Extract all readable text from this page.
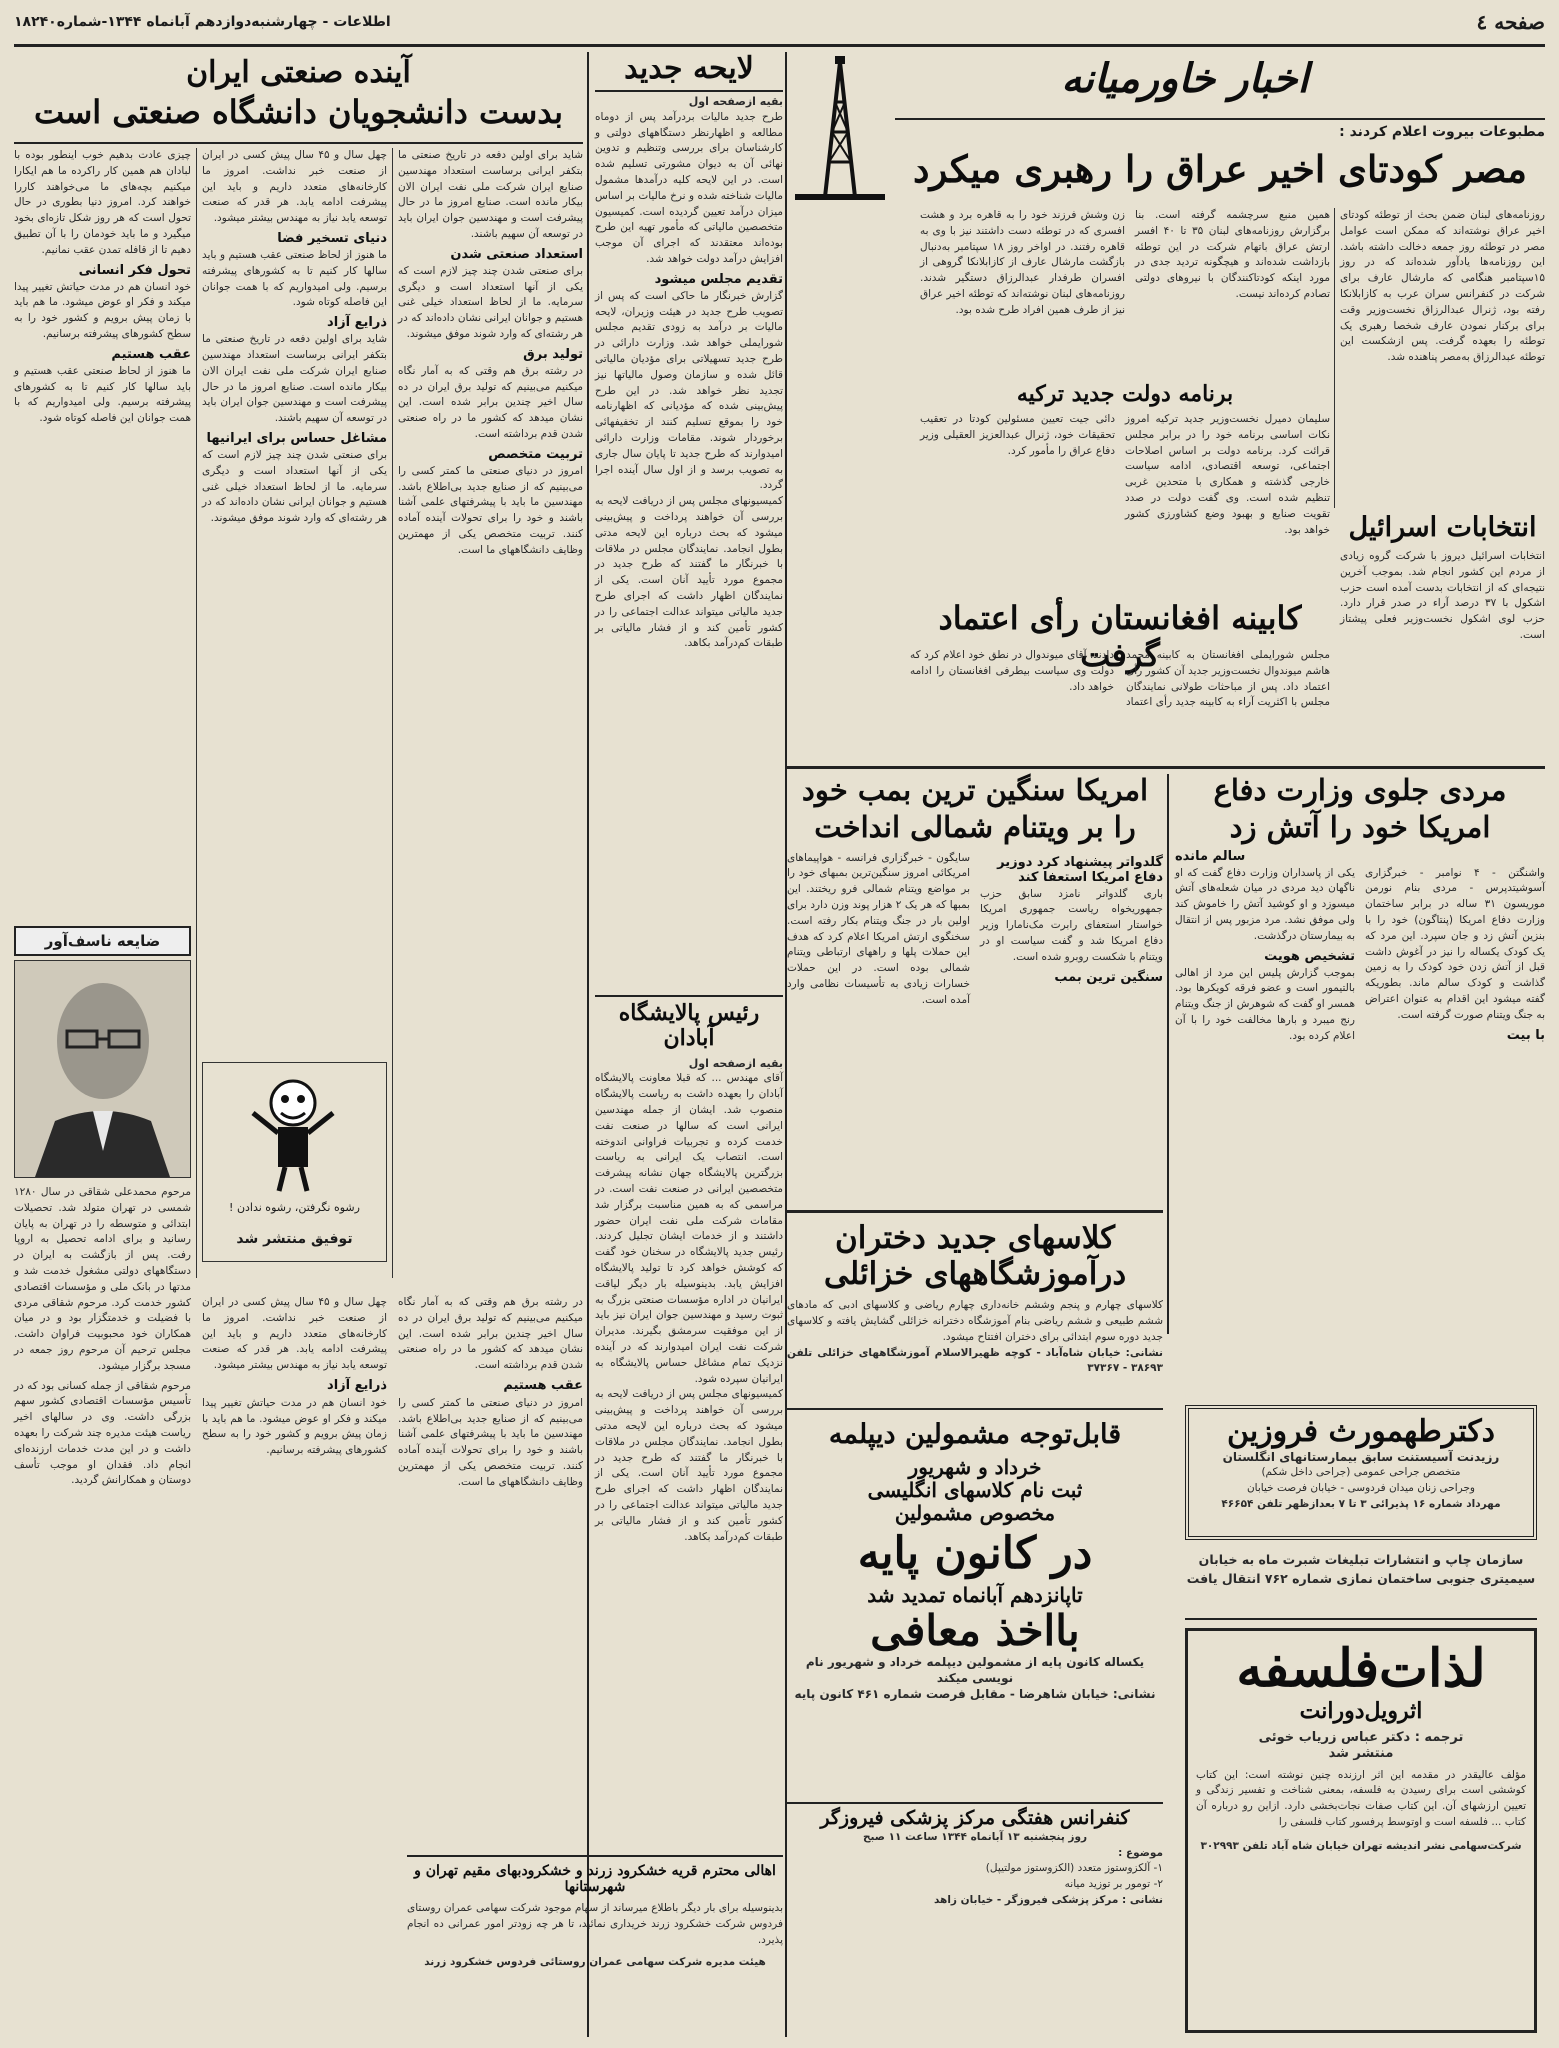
صفحه ٤
اطلاعات - چهارشنبه‌دوازدهم آبانماه ۱۳۴۴-شماره۱۸۲۴۰
اخبار خاورمیانه
مطبوعات بیروت اعلام کردند :
مصر کودتای اخیر عراق را رهبری میکرد
روزنامه‌های لبنان ضمن بحث از توطئه کودتای اخیر عراق نوشته‌اند که ممکن است عوامل مصر در توطئه روز جمعه دخالت داشته باشد. این روزنامه‌ها یادآور شده‌اند که در روز ۱۵سپتامبر هنگامی که مارشال عارف برای شرکت در کنفرانس سران عرب به کازابلانکا رفته بود، ژنرال عبدالرزاق نخست‌وزیر وقت برای برکنار نمودن عارف شخصا رهبری یک توطئه را بعهده گرفت. پس ازشکست این توطئه عبدالرزاق به‌مصر پناهنده شد.
همین منبع سرچشمه گرفته است. بنا برگزارش روزنامه‌های لبنان ۳۵ تا ۴۰ افسر ارتش عراق باتهام شرکت در این توطئه بازداشت شده‌اند و هیچگونه تردید جدی در مورد اینکه کودتاکنندگان با نیروهای دولتی تصادم کرده‌اند نیست.
زن وشش فرزند خود را به قاهره برد و هشت افسری که در توطئه دست داشتند نیز با وی به قاهره رفتند. در اواخر روز ۱۸ سپتامبر به‌دنبال بازگشت مارشال عارف از کازابلانکا گروهی از افسران طرفدار عبدالرزاق دستگیر شدند. روزنامه‌های لبنان نوشته‌اند که توطئه اخیر عراق نیز از طرف همین افراد طرح شده بود.
برنامه دولت جدید ترکیه
سلیمان دمیرل نخست‌وزیر جدید ترکیه امروز نکات اساسی برنامه خود را در برابر مجلس قرائت کرد. برنامه دولت بر اساس اصلاحات اجتماعی، توسعه اقتصادی، ادامه سیاست خارجی گذشته و همکاری با متحدین غربی تنظیم شده است. وی گفت دولت در صدد تقویت صنایع و بهبود وضع کشاورزی کشور خواهد بود.
دائی جیت تعیین مسئولین کودتا در تعقیب تحقیقات خود، ژنرال عبدالعزیز العقیلی وزیر دفاع عراق را مأمور کرد.
انتخابات اسرائیل
انتخابات اسرائیل دیروز با شرکت گروه زیادی از مردم این کشور انجام شد. بموجب آخرین نتیجه‌ای که از انتخابات بدست آمده است حزب اشکول با ۳۷ درصد آراء در صدر قرار دارد. حزب لوی اشکول نخست‌وزیر فعلی پیشتاز است.
کابینه افغانستان رأی اعتماد گرفت
مجلس شورایملی افغانستان به کابینه محمد هاشم میوندوال نخست‌وزیر جدید آن کشور رأی اعتماد داد. پس از مباحثات طولانی نمایندگان مجلس با اکثریت آراء به کابینه جدید رأی اعتماد دادند. آقای میوندوال در نطق خود اعلام کرد که دولت وی سیاست بیطرفی افغانستان را ادامه خواهد داد.
لایحه جدید
بقیه ازصفحه اول
طرح جدید مالیات بردرآمد پس از دوماه مطالعه و اظهارنظر دستگاههای دولتی و کارشناسان برای بررسی وتنظیم و تدوین نهائی آن به دیوان مشورتی تسلیم شده است. در این لایحه کلیه درآمدها مشمول مالیات شناخته شده و نرخ مالیات بر اساس میزان درآمد تعیین گردیده است. کمیسیون متخصصین مالیاتی که مأمور تهیه این طرح بوده‌اند معتقدند که اجرای آن موجب افزایش درآمد دولت خواهد شد.
تقدیم مجلس میشود
گزارش خبرنگار ما حاکی است که پس از تصویب طرح جدید در هیئت وزیران، لایحه مالیات بر درآمد به زودی تقدیم مجلس شورایملی خواهد شد. وزارت دارائی در طرح جدید تسهیلاتی برای مؤدیان مالیاتی قائل شده و سازمان وصول مالیاتها نیز تجدید نظر خواهد شد. در این طرح پیش‌بینی شده که مؤدیانی که اظهارنامه خود را بموقع تسلیم کنند از تخفیفهائی برخوردار شوند. مقامات وزارت دارائی امیدوارند که طرح جدید تا پایان سال جاری به تصویب برسد و از اول سال آینده اجرا گردد.
کمیسیونهای مجلس پس از دریافت لایحه به بررسی آن خواهند پرداخت و پیش‌بینی میشود که بحث درباره این لایحه مدتی بطول انجامد. نمایندگان مجلس در ملاقات با خبرنگار ما گفتند که طرح جدید در مجموع مورد تأیید آنان است. یکی از نمایندگان اظهار داشت که اجرای طرح جدید مالیاتی میتواند عدالت اجتماعی را در کشور تأمین کند و از فشار مالیاتی بر طبقات کم‌درآمد بکاهد.
آینده صنعتی ایران
بدست دانشجویان دانشگاه صنعتی است
شاید برای اولین دفعه در تاریخ صنعتی ما بتکفر ایرانی برساست استعداد مهندسین صنایع ایران شرکت ملی نفت ایران الان بیکار مانده است. صنایع امروز ما در حال پیشرفت است و مهندسین جوان ایران باید در توسعه آن سهیم باشند.
استعداد صنعتی شدن
برای صنعتی شدن چند چیز لازم است که یکی از آنها استعداد است و دیگری سرمایه. ما از لحاظ استعداد خیلی غنی هستیم و جوانان ایرانی نشان داده‌اند که در هر رشته‌ای که وارد شوند موفق میشوند.
تولید برق
در رشته برق هم وقتی که به آمار نگاه میکنیم می‌بینیم که تولید برق ایران در ده سال اخیر چندین برابر شده است. این نشان میدهد که کشور ما در راه صنعتی شدن قدم برداشته است.
تربیت متخصص
امروز در دنیای صنعتی ما کمتر کسی را می‌بینیم که از صنایع جدید بی‌اطلاع باشد. مهندسین ما باید با پیشرفتهای علمی آشنا باشند و خود را برای تحولات آینده آماده کنند. تربیت متخصص یکی از مهمترین وظایف دانشگاههای ما است.
چهل سال و ۴۵ سال پیش کسی در ایران از صنعت خبر نداشت. امروز ما کارخانه‌های متعدد داریم و باید این پیشرفت ادامه یابد. هر قدر که صنعت توسعه یابد نیاز به مهندس بیشتر میشود.
دنیای تسخیر فضا
ما هنوز از لحاظ صنعتی عقب هستیم و باید سالها کار کنیم تا به کشورهای پیشرفته برسیم. ولی امیدواریم که با همت جوانان این فاصله کوتاه شود.
ذرایع آزاد
شاید برای اولین دفعه در تاریخ صنعتی ما بتکفر ایرانی برساست استعداد مهندسین صنایع ایران شرکت ملی نفت ایران الان بیکار مانده است. صنایع امروز ما در حال پیشرفت است و مهندسین جوان ایران باید در توسعه آن سهیم باشند.
مشاغل حساس برای ایرانیها
برای صنعتی شدن چند چیز لازم است که یکی از آنها استعداد است و دیگری سرمایه. ما از لحاظ استعداد خیلی غنی هستیم و جوانان ایرانی نشان داده‌اند که در هر رشته‌ای که وارد شوند موفق میشوند.
چیزی عادت بدهیم خوب اینطور بوده با لبادان هم همین کار راکرده ما هم ایکارا میکنیم بچه‌های ما می‌خواهند کاررا خواهند کرد. امروز دنیا بطوری در حال تحول است که هر روز شکل تازه‌ای بخود میگیرد و ما باید خودمان را با آن تطبیق دهیم تا از قافله تمدن عقب نمانیم.
تحول فکر انسانی
خود انسان هم در مدت حیاتش تغییر پیدا میکند و فکر او عوض میشود. ما هم باید با زمان پیش برویم و کشور خود را به سطح کشورهای پیشرفته برسانیم.
عقب هستیم
ما هنوز از لحاظ صنعتی عقب هستیم و باید سالها کار کنیم تا به کشورهای پیشرفته برسیم. ولی امیدواریم که با همت جوانان این فاصله کوتاه شود.
رشوه نگرفتن، رشوه ندادن !
توفیق منتشر شد
ضایعه ناسف‌آور
مرحوم محمدعلی شقاقی در سال ۱۲۸۰ شمسی در تهران متولد شد. تحصیلات ابتدائی و متوسطه را در تهران به پایان رسانید و برای ادامه تحصیل به اروپا رفت. پس از بازگشت به ایران در دستگاههای دولتی مشغول خدمت شد و مدتها در بانک ملی و مؤسسات اقتصادی کشور خدمت کرد. مرحوم شقاقی مردی با فضیلت و خدمتگزار بود و در میان همکاران خود محبوبیت فراوان داشت. مجلس ترحیم آن مرحوم روز جمعه در مسجد برگزار میشود.
مرحوم شقاقی از جمله کسانی بود که در تأسیس مؤسسات اقتصادی کشور سهم بزرگی داشت. وی در سالهای اخیر ریاست هیئت مدیره چند شرکت را بعهده داشت و در این مدت خدمات ارزنده‌ای انجام داد. فقدان او موجب تأسف دوستان و همکارانش گردید.
در رشته برق هم وقتی که به آمار نگاه میکنیم می‌بینیم که تولید برق ایران در ده سال اخیر چندین برابر شده است. این نشان میدهد که کشور ما در راه صنعتی شدن قدم برداشته است.
عقب هستیم
امروز در دنیای صنعتی ما کمتر کسی را می‌بینیم که از صنایع جدید بی‌اطلاع باشد. مهندسین ما باید با پیشرفتهای علمی آشنا باشند و خود را برای تحولات آینده آماده کنند. تربیت متخصص یکی از مهمترین وظایف دانشگاههای ما است.
چهل سال و ۴۵ سال پیش کسی در ایران از صنعت خبر نداشت. امروز ما کارخانه‌های متعدد داریم و باید این پیشرفت ادامه یابد. هر قدر که صنعت توسعه یابد نیاز به مهندس بیشتر میشود.
ذرایع آزاد
خود انسان هم در مدت حیاتش تغییر پیدا میکند و فکر او عوض میشود. ما هم باید با زمان پیش برویم و کشور خود را به سطح کشورهای پیشرفته برسانیم.
مردی جلوی وزارت دفاع
امریکا خود را آتش زد
سالم مانده
واشنگتن - ۴ نوامبر - خبرگزاری آسوشیتدپرس - مردی بنام نورمن موریسون ۳۱ ساله در برابر ساختمان وزارت دفاع امریکا (پنتاگون) خود را با بنزین آتش زد و جان سپرد. این مرد که یک کودک یکساله را نیز در آغوش داشت قبل از آتش زدن خود کودک را به زمین گذاشت و کودک سالم ماند. بطوریکه گفته میشود این اقدام به عنوان اعتراض به جنگ ویتنام صورت گرفته است.
با بیت
یکی از پاسداران وزارت دفاع گفت که او ناگهان دید مردی در میان شعله‌های آتش میسوزد و او کوشید آتش را خاموش کند ولی موفق نشد. مرد مزبور پس از انتقال به بیمارستان درگذشت.
تشخیص هویت
بموجب گزارش پلیس این مرد از اهالی بالتیمور است و عضو فرقه کویکرها بود. همسر او گفت که شوهرش از جنگ ویتنام رنج میبرد و بارها مخالفت خود را با آن اعلام کرده بود.
امریکا سنگین ترین بمب خود
را بر ویتنام شمالی انداخت
گلدواتر پیشنهاد کرد دوزیر دفاع امریکا استعفا کند
باری گلدواتر نامزد سابق حزب جمهوریخواه ریاست جمهوری امریکا خواستار استعفای رابرت مک‌نامارا وزیر دفاع امریکا شد و گفت سیاست او در ویتنام با شکست روبرو شده است.
سنگین ترین بمب
سایگون - خبرگزاری فرانسه - هواپیماهای امریکائی امروز سنگین‌ترین بمبهای خود را بر مواضع ویتنام شمالی فرو ریختند. این بمبها که هر یک ۲ هزار پوند وزن دارد برای اولین بار در جنگ ویتنام بکار رفته است. سخنگوی ارتش امریکا اعلام کرد که هدف این حملات پلها و راههای ارتباطی ویتنام شمالی بوده است. در این حملات خسارات زیادی به تأسیسات نظامی وارد آمده است.
رئیس پالایشگاه
آبادان
بقیه ازصفحه اول
آقای مهندس ... که قبلا معاونت پالایشگاه آبادان را بعهده داشت به ریاست پالایشگاه منصوب شد. ایشان از جمله مهندسین ایرانی است که سالها در صنعت نفت خدمت کرده و تجربیات فراوانی اندوخته است. انتصاب یک ایرانی به ریاست بزرگترین پالایشگاه جهان نشانه پیشرفت متخصصین ایرانی در صنعت نفت است. در مراسمی که به همین مناسبت برگزار شد مقامات شرکت ملی نفت ایران حضور داشتند و از خدمات ایشان تجلیل کردند. رئیس جدید پالایشگاه در سخنان خود گفت که کوشش خواهد کرد تا تولید پالایشگاه افزایش یابد. بدینوسیله بار دیگر لیاقت ایرانیان در اداره مؤسسات صنعتی بزرگ به ثبوت رسید و مهندسین جوان ایران نیز باید از این موفقیت سرمشق بگیرند. مدیران شرکت نفت ایران امیدوارند که در آینده نزدیک تمام مشاغل حساس پالایشگاه به ایرانیان سپرده شود.
کمیسیونهای مجلس پس از دریافت لایحه به بررسی آن خواهند پرداخت و پیش‌بینی میشود که بحث درباره این لایحه مدتی بطول انجامد. نمایندگان مجلس در ملاقات با خبرنگار ما گفتند که طرح جدید در مجموع مورد تأیید آنان است. یکی از نمایندگان اظهار داشت که اجرای طرح جدید مالیاتی میتواند عدالت اجتماعی را در کشور تأمین کند و از فشار مالیاتی بر طبقات کم‌درآمد بکاهد.
اهالی محترم قریه خشکرود زرند و خشکرودبهای مقیم تهران و شهرستانها
بدینوسیله برای بار دیگر باطلاع میرساند از سهام موجود شرکت سهامی عمران روستای فردوس شرکت خشکرود زرند خریداری نمائید، تا هر چه زودتر امور عمرانی ده انجام پذیرد.
هیئت مدیره شرکت سهامی عمران روستائی فردوس خشکرود زرند
کلاسهای جدید دختران
درآموزشگاههای خزائلی
کلاسهای چهارم و پنجم وششم خانه‌داری چهارم ریاضی و کلاسهای ادبی که مادهای ششم طبیعی و ششم ریاضی بنام آموزشگاه دخترانه خزائلی گشایش یافته و کلاسهای جدید دوره سوم ابتدائی برای دختران افتتاح میشود.
نشانی: خیابان شاه‌آباد - کوچه ظهیرالاسلام آموزشگاههای خزائلی تلفن ۳۸۶۹۳ - ۳۷۳۶۷
قابل‌توجه مشمولین دیپلمه
خرداد و شهریور
ثبت نام کلاسهای انگلیسی
مخصوص مشمولین
در کانون پایه
تاپانزدهم آبانماه تمدید شد
بااخذ معافی
یکساله کانون پایه از مشمولین دیپلمه خرداد و شهریور نام نویسی میکند
نشانی: خیابان شاهرضا - مقابل فرصت شماره ۴۶۱ کانون پایه
کنفرانس هفتگی مرکز پزشکی فیروزگر
روز پنجشنبه ۱۳ آبانماه ۱۳۴۴ ساعت ۱۱ صبح
موضوع :
۱- آلکزوستوز متعدد (الکزوستوز مولتیپل)
۲- تومور بر توزید میانه
نشانی : مرکز پزشکی فیروزگر - خیابان زاهد
دکترطهمورث فروزین
رزیدنت آسیستنت سابق بیمارستانهای انگلستان
متخصص جراحی عمومی (جراحی داخل شکم)
وجراحی زنان میدان فردوسی - خیابان فرصت خیابان
مهرداد شماره ۱۶ پذیرائی ۳ تا ۷ بعدازظهر تلفن ۴۶۶۵۴
سازمان چاپ و انتشارات تبلیغات شبرت ماه به خیابان سیمیتری جنوبی ساختمان نمازی شماره ۷۶۲ انتقال یافت
لذات‌فلسفه
اثرویل‌دورانت
ترجمه : دکتر عباس زریاب خوئی
منتشر شد
مؤلف عالیقدر در مقدمه این اثر ارزنده چنین نوشته است: این کتاب کوششی است برای رسیدن به فلسفه، بمعنی شناخت و تفسیر زندگی و تعیین ارزشهای آن. این کتاب صفات نجات‌بخشی دارد. ازاین رو درباره آن کتاب ... فلسفه است و اوتوسط پرفسور کتاب فلسفی را
شرکت‌سهامی نشر اندیشه تهران خیابان شاه آباد تلفن ۳۰۲۹۹۳
